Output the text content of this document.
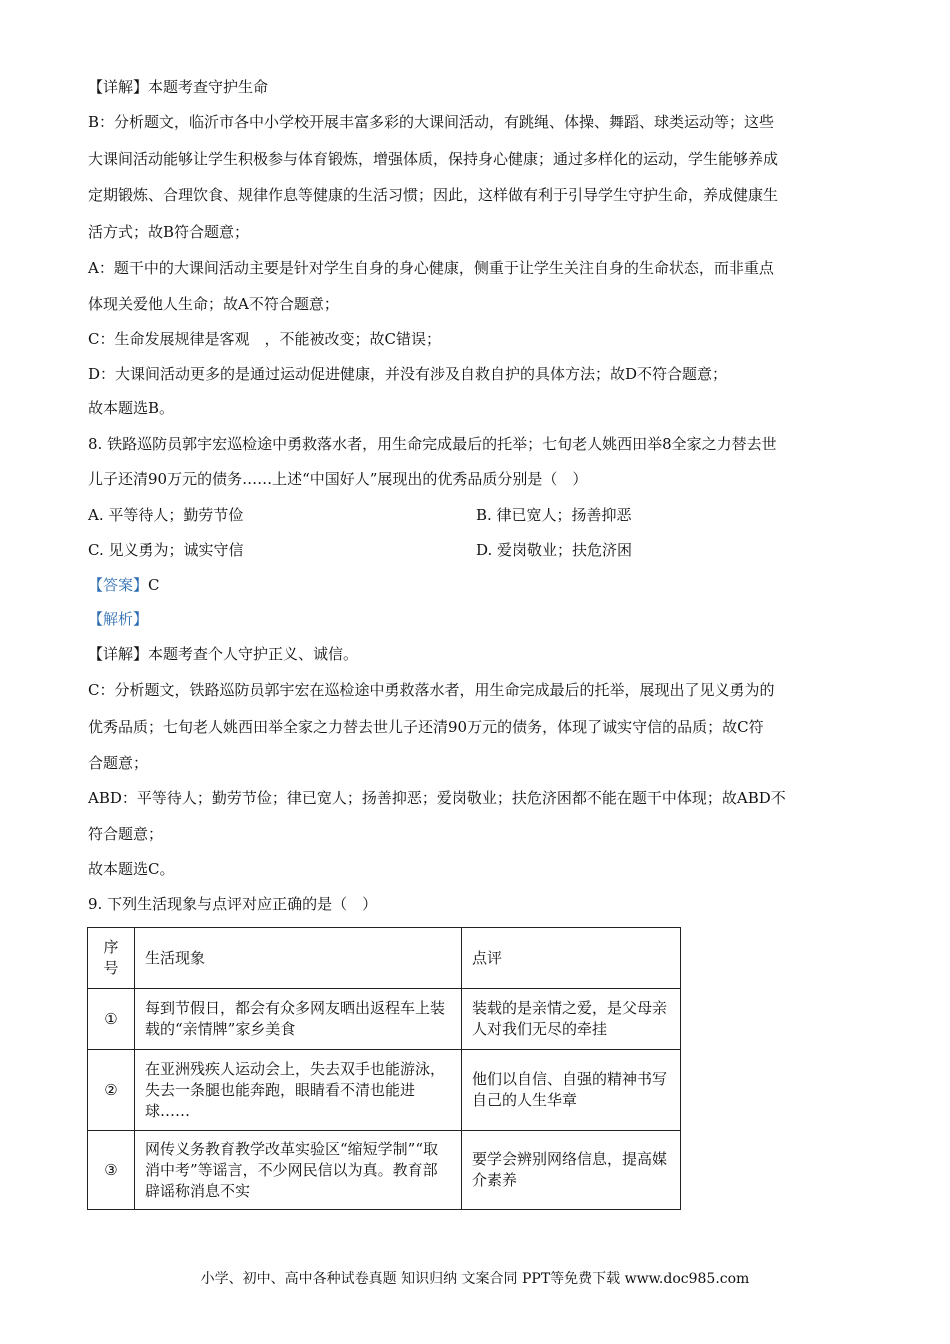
【详解】本题考查守护生命
B：分析题文，临沂市各中小学校开展丰富多彩的大课间活动，有跳绳、体操、舞蹈、球类运动等；这些
大课间活动能够让学生积极参与体育锻炼，增强体质，保持身心健康；通过多样化的运动，学生能够养成
定期锻炼、合理饮食、规律作息等健康的生活习惯；因此，这样做有利于引导学生守护生命，养成健康生
活方式；故B符合题意；
A：题干中的大课间活动主要是针对学生自身的身心健康，侧重于让学生关注自身的生命状态，而非重点
体现关爱他人生命；故A不符合题意；
C：生命发展规律是客观　，不能被改变；故C错误；
D：大课间活动更多的是通过运动促进健康，并没有涉及自救自护的具体方法；故D不符合题意；
故本题选B。
8. 铁路巡防员郭宇宏巡检途中勇救落水者，用生命完成最后的托举；七旬老人姚西田举8全家之力替去世
儿子还清90万元的债务……上述“中国好人”展现出的优秀品质分别是（　）
A. 平等待人；勤劳节俭	B. 律已宽人；扬善抑恶
C. 见义勇为；诚实守信	D. 爱岗敬业；扶危济困
【答案】C
【解析】
【详解】本题考查个人守护正义、诚信。
C：分析题文，铁路巡防员郭宇宏在巡检途中勇救落水者，用生命完成最后的托举，展现出了见义勇为的
优秀品质；七旬老人姚西田举全家之力替去世儿子还清90万元的债务，体现了诚实守信的品质；故C符
合题意；
ABD：平等待人；勤劳节俭；律已宽人；扬善抑恶；爱岗敬业；扶危济困都不能在题干中体现；故ABD不
符合题意；
故本题选C。
9. 下列生活现象与点评对应正确的是（　）
序号	生活现象	点评
①	每到节假日，都会有众多网友晒出返程车上装载的“亲情牌”家乡美食	装载的是亲情之爱，是父母亲人对我们无尽的牵挂
②	在亚洲残疾人运动会上，失去双手也能游泳，失去一条腿也能奔跑，眼睛看不清也能进球……	他们以自信、自强的精神书写自己的人生华章
③	网传义务教育教学改革实验区“缩短学制”“取消中考”等谣言，不少网民信以为真。教育部辟谣称消息不实	要学会辨别网络信息，提高媒介素养
小学、初中、高中各种试卷真题 知识归纳 文案合同 PPT等免费下载 www.doc985.com
